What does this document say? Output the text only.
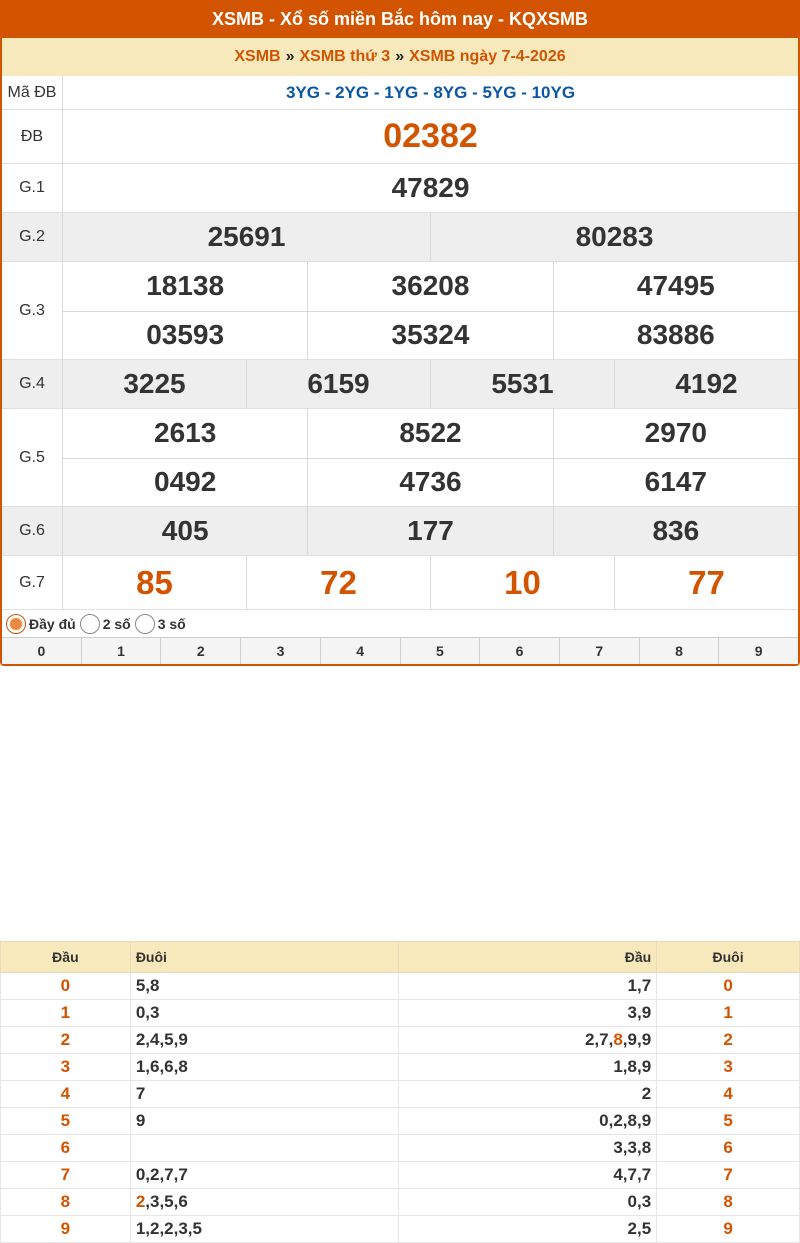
XSMB - Xổ số miền Bắc hôm nay - KQXSMB
XSMB » XSMB thứ 3 » XSMB ngày 7-4-2026
Mã ĐB	3YG - 2YG - 1YG - 8YG - 5YG - 10YG
ĐB	02382
G.1	47829
G.2	25691	80283
G.3
18138	36208	47495
03593	35324	83886
G.4	3225	6159	5531	4192
G.5
2613	8522	2970
0492	4736	6147
G.6	405	177	836
G.7	85	72	10	77
Đầy đủ 2 số 3 số
0	1	2	3	4	5	6	7	8	9
Đầu	Đuôi	Đầu	Đuôi
0	5,8	1,7	0
1	0,3	3,9	1
2	2,4,5,9	2,7,8,9,9	2
3	1,6,6,8	1,8,9	3
4	7	2	4
5	9	0,2,8,9	5
6		3,3,8	6
7	0,2,7,7	4,7,7	7
8	2,3,5,6	0,3	8
9	1,2,2,3,5	2,5	9
